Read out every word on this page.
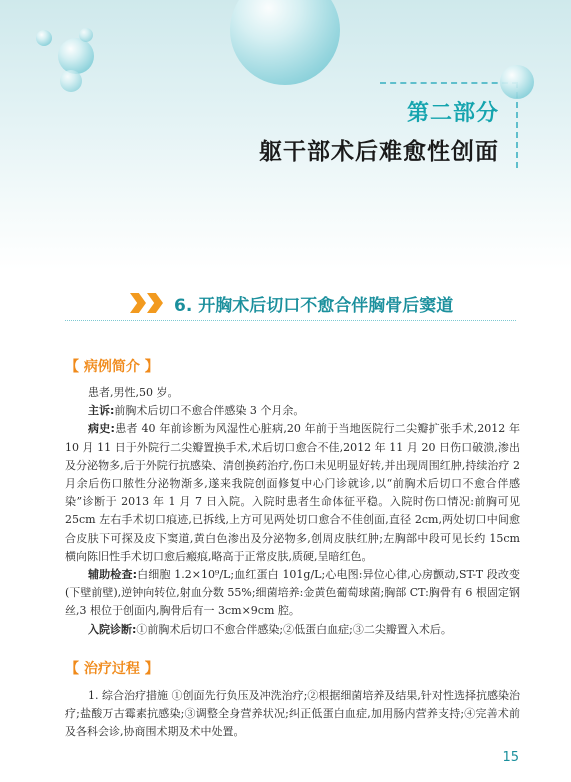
第二部分
躯干部术后难愈性创面
6. 开胸术后切口不愈合伴胸骨后窦道
【 病例简介 】

患者,男性,50 岁。

主诉:前胸术后切口不愈合伴感染 3 个月余。

病史:患者 40 年前诊断为风湿性心脏病,20 年前于当地医院行二尖瓣扩张手术,2012 年 10 月 11 日于外院行二尖瓣置换手术,术后切口愈合不佳,2012 年 11 月 20 日伤口破溃,渗出及分泌物多,后于外院行抗感染、清创换药治疗,伤口未见明显好转,并出现周围红肿,持续治疗 2 月余后伤口脓性分泌物渐多,遂来我院创面修复中心门诊就诊,以“前胸术后切口不愈合伴感染”诊断于 2013 年 1 月 7 日入院。入院时患者生命体征平稳。入院时伤口情况:前胸可见 25cm 左右手术切口痕迹,已拆线,上方可见两处切口愈合不佳创面,直径 2cm,两处切口中间愈合皮肤下可探及皮下窦道,黄白色渗出及分泌物多,创周皮肤红肿;左胸部中段可见长约 15cm 横向陈旧性手术切口愈后瘢痕,略高于正常皮肤,质硬,呈暗红色。

辅助检查:白细胞 1.2×10⁹/L;血红蛋白 101g/L;心电图:异位心律,心房颤动,ST-T 段改变(下壁前壁),逆钟向转位,射血分数 55%;细菌培养:金黄色葡萄球菌;胸部 CT:胸骨有 6 根固定钢丝,3 根位于创面内,胸骨后有一 3cm×9cm 腔。

入院诊断:①前胸术后切口不愈合伴感染;②低蛋白血症;③二尖瓣置入术后。

【 治疗过程 】

1. 综合治疗措施 ①创面先行负压及冲洗治疗;②根据细菌培养及结果,针对性选择抗感染治疗;盐酸万古霉素抗感染;③调整全身营养状况;纠正低蛋白血症,加用肠内营养支持;④完善术前及各科会诊,协商围术期及术中处置。

15
